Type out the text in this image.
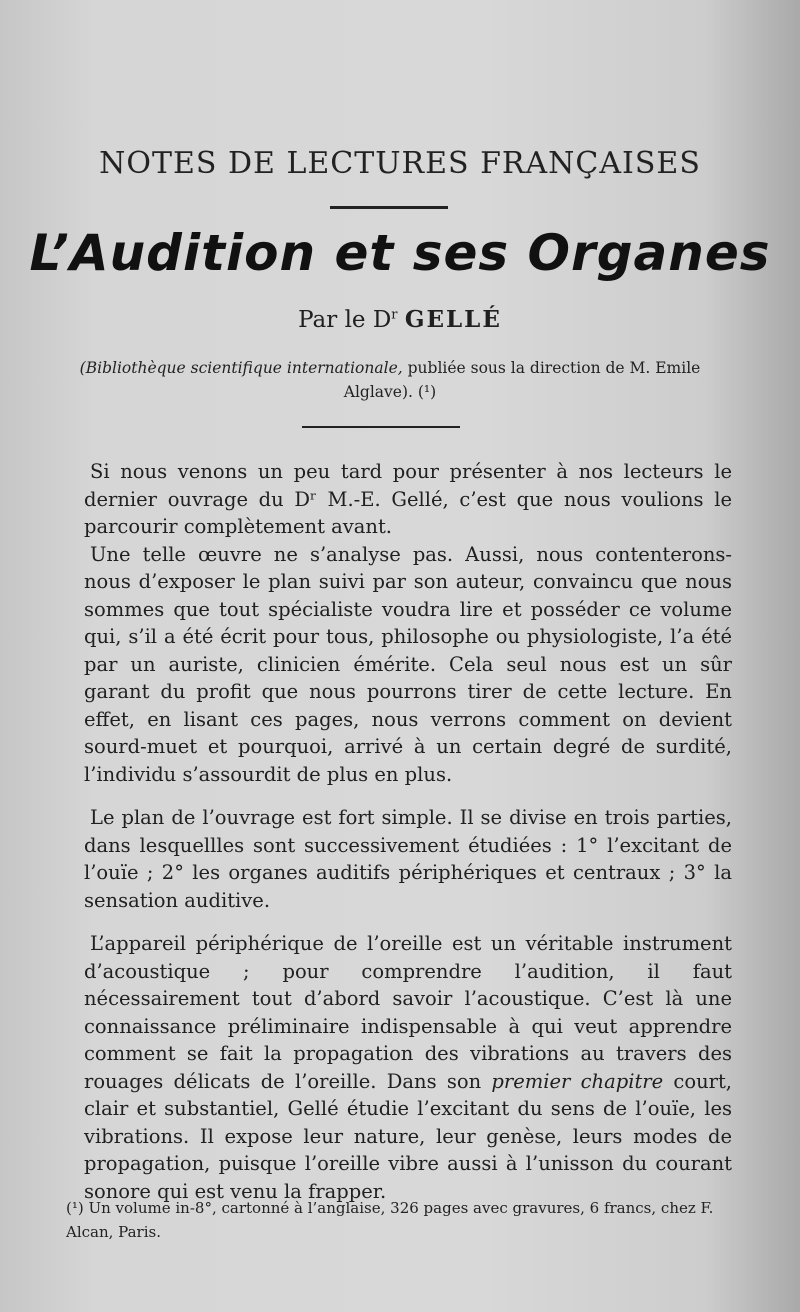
NOTES DE LECTURES FRANÇAISES
L’Audition et ses Organes
Par le $D^r$ GELLÉ
(Bibliothèque scientifique internationale, publiée sous la direction de M. Emile Alglave). (¹)

Si nous venons un peu tard pour présenter à nos lecteurs le dernier ouvrage du Dʳ M.-E. Gellé, c’est que nous voulions le parcourir complètement avant.

Une telle œuvre ne s’analyse pas. Aussi, nous contenterons-nous d’exposer le plan suivi par son auteur, convaincu que nous sommes que tout spécialiste voudra lire et posséder ce volume qui, s’il a été écrit pour tous, philosophe ou physiologiste, l’a été par un auriste, clinicien émérite. Cela seul nous est un sûr garant du profit que nous pourrons tirer de cette lecture. En effet, en lisant ces pages, nous verrons comment on devient sourd-muet et pourquoi, arrivé à un certain degré de surdité, l’individu s’assourdit de plus en plus.

Le plan de l’ouvrage est fort simple. Il se divise en trois parties, dans lesquellles sont successivement étudiées : 1° l’excitant de l’ouïe ; 2° les organes auditifs périphériques et centraux ; 3° la sensation auditive.

L’appareil périphérique de l’oreille est un véritable instrument d’acoustique ; pour comprendre l’audition, il faut nécessairement tout d’abord savoir l’acoustique. C’est là une connaissance préliminaire indispensable à qui veut apprendre comment se fait la propagation des vibrations au travers des rouages délicats de l’oreille. Dans son premier chapitre court, clair et substantiel, Gellé étudie l’excitant du sens de l’ouïe, les vibrations. Il expose leur nature, leur genèse, leurs modes de propagation, puisque l’oreille vibre aussi à l’unisson du courant sonore qui est venu la frapper.

(¹) Un volume in-8°, cartonné à l’anglaise, 326 pages avec gravures, 6 francs, chez F. Alcan, Paris.
